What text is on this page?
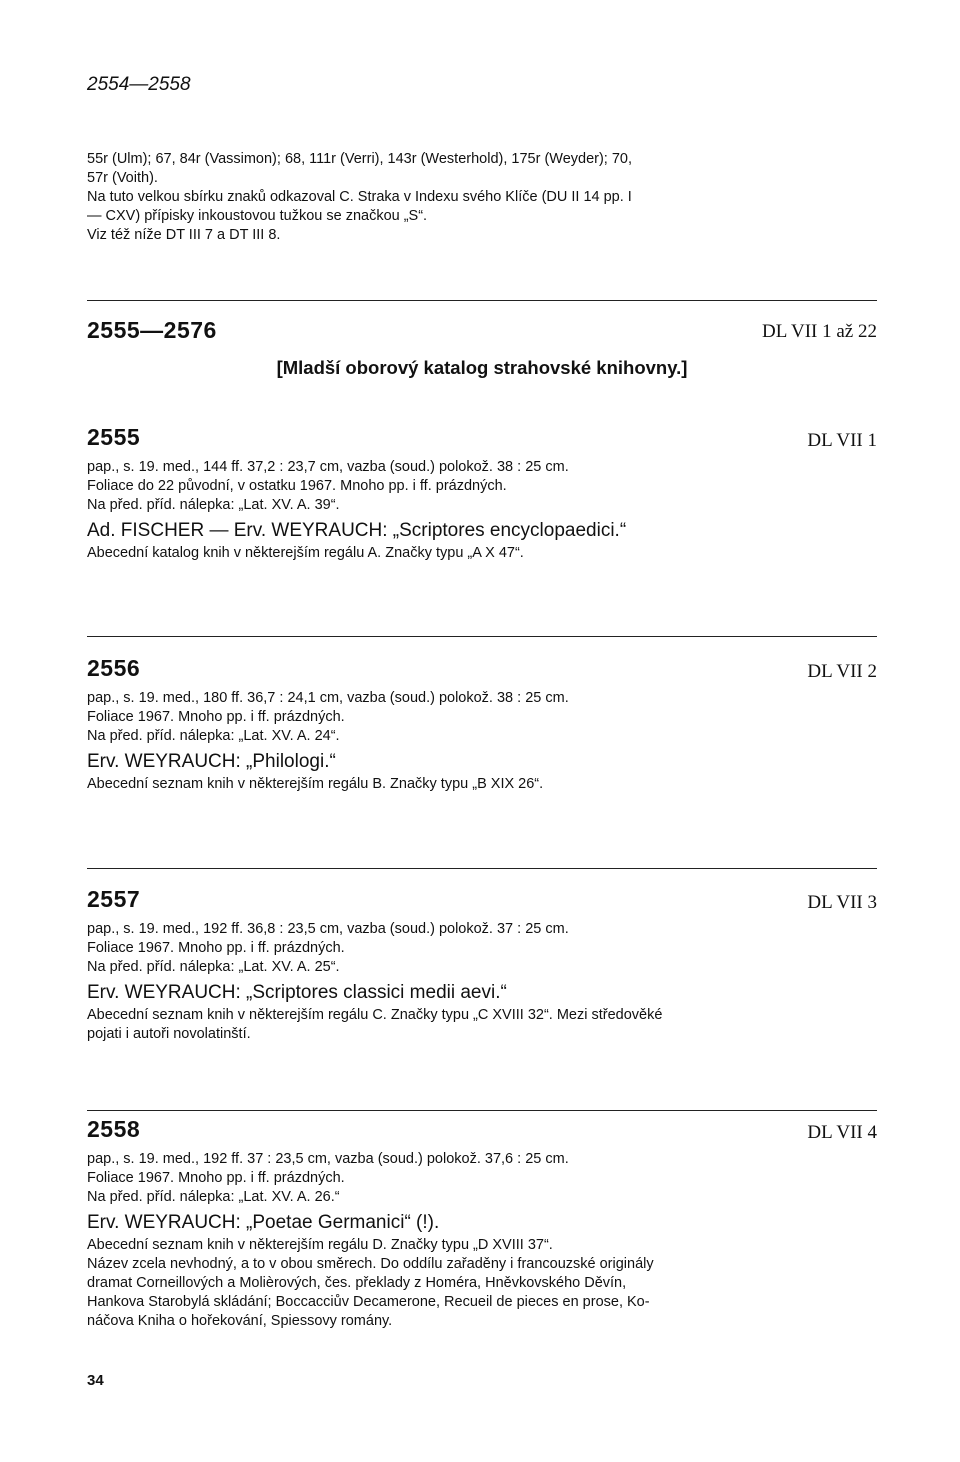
2554—2558
55r (Ulm); 67, 84r (Vassimon); 68, 111r (Verri), 143r (Westerhold), 175r (Weyder); 70,
57r (Voith).
Na tuto velkou sbírku znaků odkazoval C. Straka v Indexu svého Klíče (DU II 14 pp. I
— CXV) přípisky inkoustovou tužkou se značkou „S“.
Viz též níže DT III 7 a DT III 8.
2555—2576	DL VII 1 až 22
[Mladší oborový katalog strahovské knihovny.]
2555	DL VII 1
pap., s. 19. med., 144 ff. 37,2 : 23,7 cm, vazba (soud.) polokož. 38 : 25 cm.
Foliace do 22 původní, v ostatku 1967. Mnoho pp. i ff. prázdných.
Na před. příd. nálepka: „Lat. XV. A. 39“.
Ad. FISCHER — Erv. WEYRAUCH: „Scriptores encyclopaedici.“
Abecední katalog knih v některejším regálu A. Značky typu „A X 47“.
2556	DL VII 2
pap., s. 19. med., 180 ff. 36,7 : 24,1 cm, vazba (soud.) polokož. 38 : 25 cm.
Foliace 1967. Mnoho pp. i ff. prázdných.
Na před. příd. nálepka: „Lat. XV. A. 24“.
Erv. WEYRAUCH: „Philologi.“
Abecední seznam knih v některejším regálu B. Značky typu „B XIX 26“.
2557	DL VII 3
pap., s. 19. med., 192 ff. 36,8 : 23,5 cm, vazba (soud.) polokož. 37 : 25 cm.
Foliace 1967. Mnoho pp. i ff. prázdných.
Na před. příd. nálepka: „Lat. XV. A. 25“.
Erv. WEYRAUCH: „Scriptores classici medii aevi.“
Abecední seznam knih v některejším regálu C. Značky typu „C XVIII 32“. Mezi středověké
pojati i autoři novolatinští.
2558	DL VII 4
pap., s. 19. med., 192 ff. 37 : 23,5 cm, vazba (soud.) polokož. 37,6 : 25 cm.
Foliace 1967. Mnoho pp. i ff. prázdných.
Na před. příd. nálepka: „Lat. XV. A. 26.“
Erv. WEYRAUCH: „Poetae Germanici“ (!).
Abecední seznam knih v některejším regálu D. Značky typu „D XVIII 37“.
Název zcela nevhodný, a to v obou směrech. Do oddílu zařaděny i francouzské originály
dramat Corneillových a Molièrových, čes. překlady z Homéra, Hněvkovského Děvín,
Hankova Starobylá skládání; Boccacciův Decamerone, Recueil de pieces en prose, Ko-
náčova Kniha o hořekování, Spiessovy romány.
34
